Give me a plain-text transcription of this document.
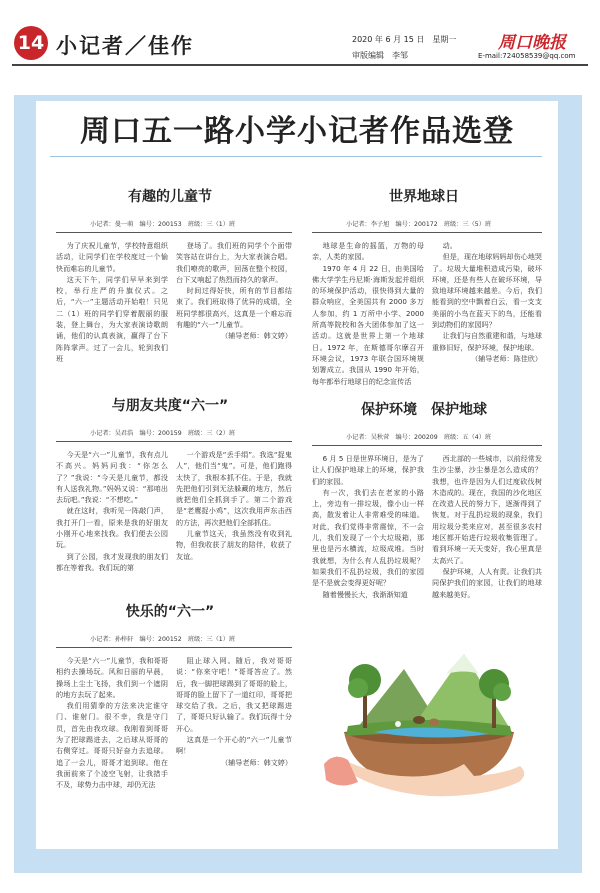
14 小记者／佳作	2020 年 6 月 15 日　星期一
审版编辑　李邹
周口晚报
E-mail:724058539@qq.com
周口五一路小学小记者作品选登
有趣的儿童节
小记者：曼一萌　编号：200153　班级：三（1）班

为了庆祝儿童节，学校特意组织活动，让同学们在学校度过一个愉快而难忘的儿童节。

这天下午，同学们早早来到学校，举行庄严的升旗仪式。之后，“六一”主题活动开始啦！只见二（1）班的同学们穿着靓丽的服装，登上舞台，为大家表演诗歌朗诵，他们的认真表演，赢得了台下阵阵掌声。过了一会儿，轮到我们班

登场了。我们班的同学个个面带笑容站在讲台上，为大家表演合唱。我们嘹亮的歌声，回荡在整个校园，台下又响起了热烈而持久的掌声。

时间过得好快，所有的节目都结束了。我们班取得了优异的成绩，全班同学都很高兴，这真是一个难忘而有趣的“六一”儿童节。

（辅导老师：韩文婷）

世界地球日
小记者：李子旭　编号：200172　班级：三（5）班

地球是生命的摇篮，万物的母亲，人类的家园。

1970 年 4 月 22 日，由美国哈佛大学学生丹尼斯·海斯发起并组织的环境保护活动，很快得到大量的群众响应，全美国共有 2000 多万人参加，约 1 万所中小学、2000 所高等院校和各大团体参加了这一活动。这就是世界上第一个地球日。1972 年，在斯德哥尔摩召开环境会议，1973 年联合国环境规划署成立。我国从 1990 年开始，每年都举行地球日的纪念宣传活

动。

但是，现在地球妈妈却伤心地哭了。垃圾大量堆积造成污染，破坏环境，还是有些人在破坏环境，导致地球环境越来越差。今后，我们能看到的空中飘着白云，看一支支美丽的小鸟在蓝天下的鸟，还能看到动物们的家园吗？

让我们与自然重建和谐，与地球重修旧好，保护环境，保护地球。

（辅导老师：陈佳欣）

与朋友共度“六一”
小记者：吴君浩　编号：200159　班级：三（2）班

今天是“六一”儿童节，我有点儿不高兴。妈妈问我：“你怎么了？”我说：“今天是儿童节，都没有人送我礼物。”妈妈又说：“那咱出去玩吧。”我说：“不想吃。”

就在这时，我听见一阵敲门声，我打开门一看，原来是我的好朋友小刚开心地来找我。我们便去公园玩。

到了公园，我才发现我的朋友们都在等着我。我们玩的第

一个游戏是“丢手绢”。我选“捉鬼人”，他们当“鬼”。可是，他们跑得太快了，我根本抓不住。于是，我就先把他们引到无法躲藏的地方，然后就把他们全抓到手了。第二个游戏是“老鹰捉小鸡”，这次我用声东击西的方法，再次把他们全部抓住。

儿童节这天，我虽然没有收到礼物，但我收获了朋友的陪伴，收获了友谊。

保护环境　保护地球
小记者：吴秋菅　编号：200209　班级：五（4）班

6 月 5 日是世界环境日，是为了让人们保护地球上的环境，保护我们的家园。

有一次，我们去在老家的小路上，旁边有一排垃圾，像小山一样高，散发着让人非常难受的味道。对此，我们觉得非常震惊，不一会儿，我们发现了一个大垃圾箱，那里也是污水横流，垃圾成堆。当时我就想，为什么有人乱扔垃圾呢？如果我们不乱扔垃圾，我们的家园是不是就会变得更好呢？

随着慢慢长大，我渐渐知道

西北部的一些城市，以前经常发生沙尘暴，沙尘暴是怎么造成的？我想，也许是因为人们过度砍伐树木造成的。现在，我国的沙化地区在改造人民的努力下，逐渐得到了恢复。对于乱扔垃圾的现象，我们用垃圾分类来应对，甚至很多农村地区都开始进行垃圾收集管理了。看到环境一天天变好，我心里真是太高兴了。

保护环境，人人有责。让我们共同保护我们的家园，让我们的地球越来越美好。

快乐的“六一”
小记者：孙梓轩　编号：200152　班级：三（1）班

今天是“六一”儿童节，我和哥哥相约去操场玩。风和日丽的早晨，操场上尘土飞扬，我们到一个遮阴的地方去玩了起来。

我们用猜拳的方法来决定谁守门、谁射门。很不幸，我是守门员，首先由我攻球。我刚看到哥哥为了把球踢进去，之后球从哥哥的右侧穿过。哥哥只好奋力去追球。追了一会儿，哥哥才追到球。他在我面前来了个凌空飞射，让我措手不及，球势力击中球，却仍无法

阻止球入网。随后，我对哥哥说：“你来守吧！”哥哥答应了。然后，我一脚把球踢到了哥哥的脸上，哥哥的脸上留下了一道红印，哥哥把球交给了我。之后，我又把球踢进了，哥哥只好认输了。我们玩得十分开心。

这真是一个开心的“六一”儿童节啊！

（辅导老师：韩文婷）
